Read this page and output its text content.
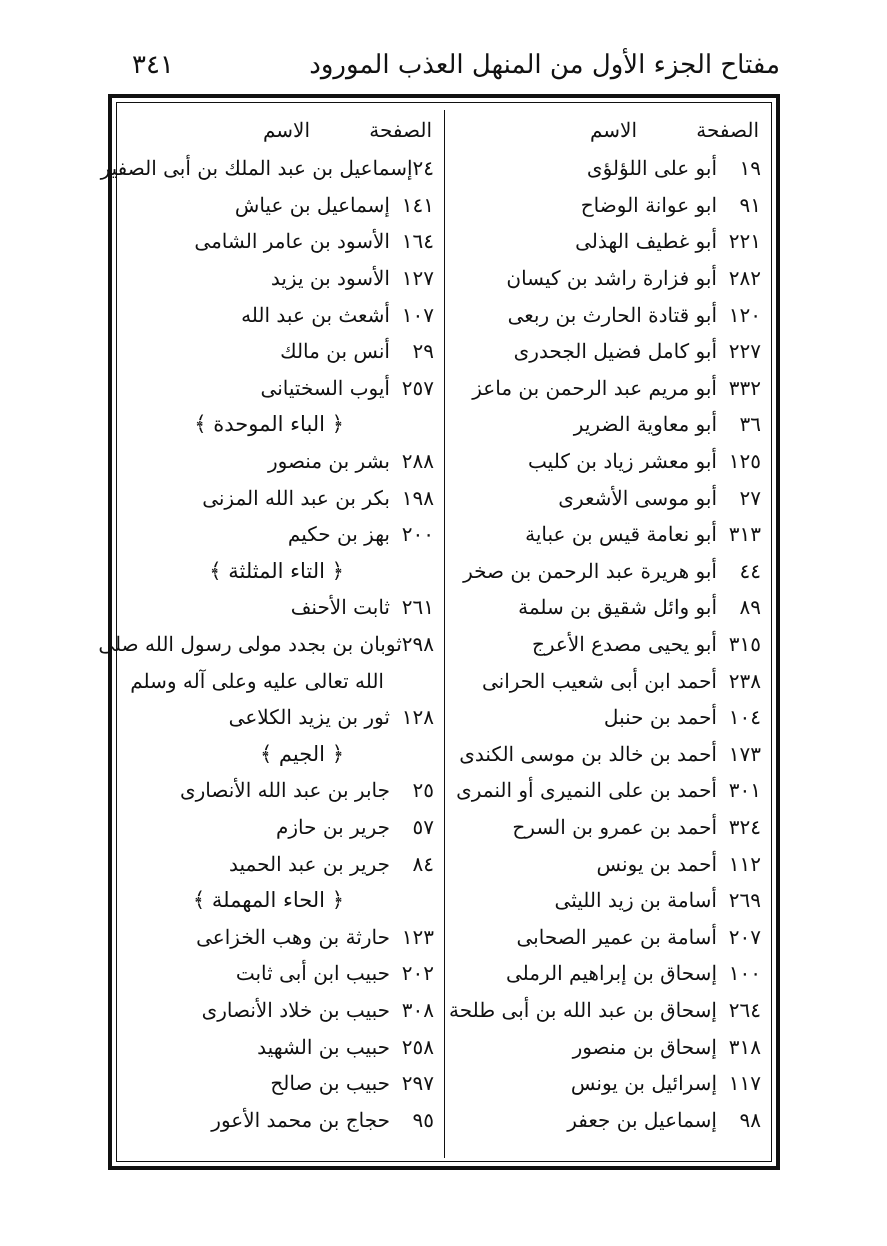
مفتاح الجزء الأول من المنهل العذب المورود
٣٤١
الصفحة
الاسم
١٩
أبو على اللؤلؤى
٩١
ابو عوانة الوضاح
٢٢١
أبو غطيف الهذلى
٢٨٢
أبو فزارة راشد بن كيسان
١٢٠
أبو قتادة الحارث بن ربعى
٢٢٧
أبو كامل فضيل الجحدرى
٣٣٢
أبو مريم عبد الرحمن بن ماعز
٣٦
أبو معاوية الضرير
١٢٥
أبو معشر زياد بن كليب
٢٧
أبو موسى الأشعرى
٣١٣
أبو نعامة قيس بن عباية
٤٤
أبو هريرة عبد الرحمن بن صخر
٨٩
أبو وائل شقيق بن سلمة
٣١٥
أبو يحيى مصدع الأعرج
٢٣٨
أحمد ابن أبى شعيب الحرانى
١٠٤
أحمد بن حنبل
١٧٣
أحمد بن خالد بن موسى الكندى
٣٠١
أحمد بن على النميرى أو النمرى
٣٢٤
أحمد بن عمرو بن السرح
١١٢
أحمد بن يونس
٢٦٩
أسامة بن زيد الليثى
٢٠٧
أسامة بن عمير الصحابى
١٠٠
إسحاق بن إبراهيم الرملى
٢٦٤
إسحاق بن عبد الله بن أبى طلحة
٣١٨
إسحاق بن منصور
١١٧
إسرائيل بن يونس
٩٨
إسماعيل بن جعفر
الصفحة
الاسم
٢٤
إسماعيل بن عبد الملك بن أبى الصفير
١٤١
إسماعيل بن عياش
١٦٤
الأسود بن عامر الشامى
١٢٧
الأسود بن يزيد
١٠٧
أشعث بن عبد الله
٢٩
أنس بن مالك
٢٥٧
أيوب السختيانى
﴿ الباء الموحدة ﴾
٢٨٨
بشر بن منصور
١٩٨
بكر بن عبد الله المزنى
٢٠٠
بهز بن حكيم
﴿ التاء المثلثة ﴾
٢٦١
ثابت الأحنف
٢٩٨
ثوبان بن بجدد مولى رسول الله صلى
الله تعالى عليه وعلى آله وسلم
١٢٨
ثور بن يزيد الكلاعى
﴿ الجيم ﴾
٢٥
جابر بن عبد الله الأنصارى
٥٧
جرير بن حازم
٨٤
جرير بن عبد الحميد
﴿ الحاء المهملة ﴾
١٢٣
حارثة بن وهب الخزاعى
٢٠٢
حبيب ابن أبى ثابت
٣٠٨
حبيب بن خلاد الأنصارى
٢٥٨
حبيب بن الشهيد
٢٩٧
حبيب بن صالح
٩٥
حجاج بن محمد الأعور
